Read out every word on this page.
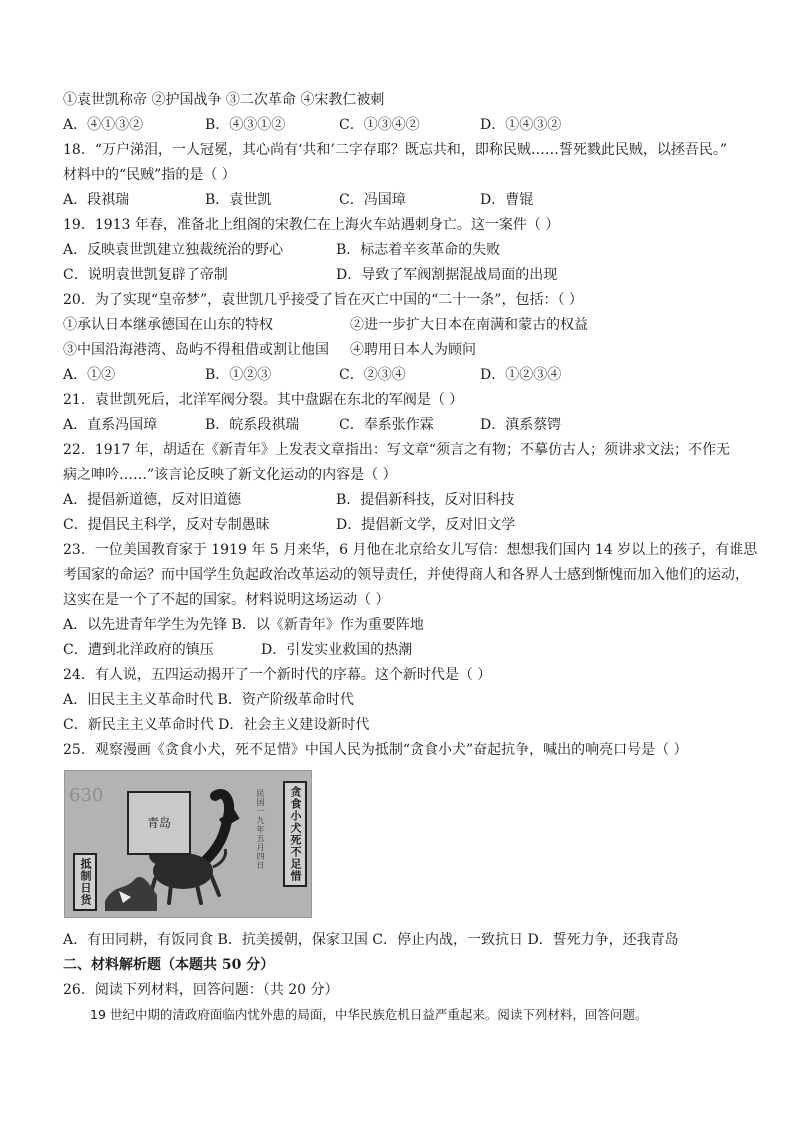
①袁世凯称帝 ②护国战争 ③二次革命 ④宋教仁被刺
A．④①③②	B．④③①②	C．①③④②	D．①④③②
18．“万户涕泪，一人冠冕，其心尚有‘共和’二字存耶？既忘共和，即称民贼……誓死戮此民贼，以拯吾民。”
材料中的“民贼”指的是（ ）
A．段祺瑞	B．袁世凯	C．冯国璋	D．曹锟
19．1913 年春，准备北上组阁的宋教仁在上海火车站遇刺身亡。这一案件（ ）
A．反映袁世凯建立独裁统治的野心	B．标志着辛亥革命的失败
C．说明袁世凯复辟了帝制	D．导致了军阀割据混战局面的出现
20．为了实现“皇帝梦”，袁世凯几乎接受了旨在灭亡中国的“二十一条”，包括：（ ）
①承认日本继承德国在山东的特权	②进一步扩大日本在南满和蒙古的权益
③中国沿海港湾、岛屿不得租借或割让他国 ④聘用日本人为顾问
A．①②	B．①②③	C．②③④	D．①②③④
21．袁世凯死后，北洋军阀分裂。其中盘踞在东北的军阀是（ ）
A．直系冯国璋	B．皖系段祺瑞	C．奉系张作霖	D．滇系蔡锷
22．1917 年，胡适在《新青年》上发表文章指出：写文章“须言之有物；不摹仿古人；须讲求文法；不作无
病之呻吟……”该言论反映了新文化运动的内容是（ ）
A．提倡新道德，反对旧道德	B．提倡新科技，反对旧科技
C．提倡民主科学，反对专制愚昧	D．提倡新文学，反对旧文学
23．一位美国教育家于 1919 年 5 月来华，6 月他在北京给女儿写信：想想我们国内 14 岁以上的孩子，有谁思
考国家的命运？而中国学生负起政治改革运动的领导责任，并使得商人和各界人士感到惭愧而加入他们的运动，
这实在是一个了不起的国家。材料说明这场运动（ ）
A．以先进青年学生为先锋 B．以《新青年》作为重要阵地
C．遭到北洋政府的镇压	D．引发实业救国的热潮
24．有人说，五四运动揭开了一个新时代的序幕。这个新时代是（ ）
A．旧民主主义革命时代 B．资产阶级革命时代
C．新民主主义革命时代 D．社会主义建设新时代
25．观察漫画《贪食小犬，死不足惜》中国人民为抵制“贪食小犬”奋起抗争，喊出的响亮口号是（ ）
630
青岛	贪食小犬死不足惜
抵制日货
民国一九年五月四日
A．有田同耕，有饭同食 B．抗美援朝，保家卫国 C．停止内战，一致抗日 D．誓死力争，还我青岛
二、材料解析题（本题共 50 分）
26．阅读下列材料，回答问题：（共 20 分）
19 世纪中期的清政府面临内忧外患的局面，中华民族危机日益严重起来。阅读下列材料，回答问题。
